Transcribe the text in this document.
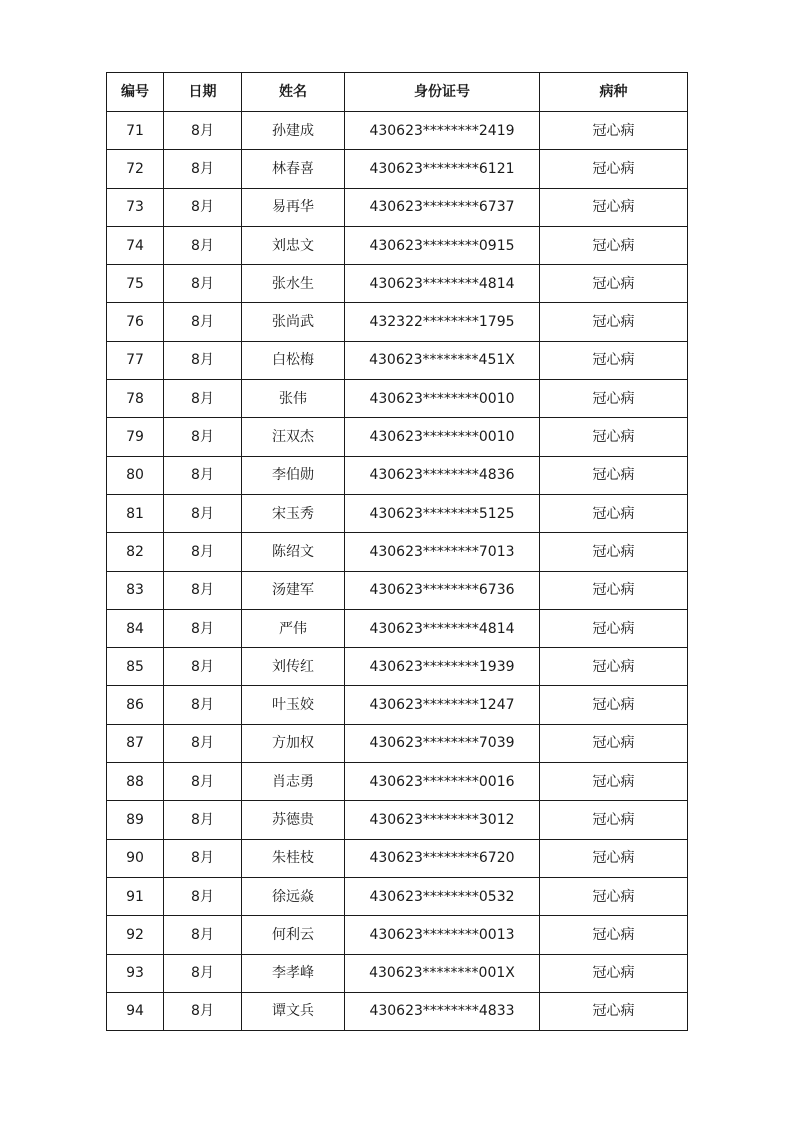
编号	日期	姓名	身份证号	病种
71	8月	孙建成	430623********2419	冠心病
72	8月	林春喜	430623********6121	冠心病
73	8月	易再华	430623********6737	冠心病
74	8月	刘忠文	430623********0915	冠心病
75	8月	张水生	430623********4814	冠心病
76	8月	张尚武	432322********1795	冠心病
77	8月	白松梅	430623********451X	冠心病
78	8月	张伟	430623********0010	冠心病
79	8月	汪双杰	430623********0010	冠心病
80	8月	李伯勋	430623********4836	冠心病
81	8月	宋玉秀	430623********5125	冠心病
82	8月	陈绍文	430623********7013	冠心病
83	8月	汤建军	430623********6736	冠心病
84	8月	严伟	430623********4814	冠心病
85	8月	刘传红	430623********1939	冠心病
86	8月	叶玉姣	430623********1247	冠心病
87	8月	方加权	430623********7039	冠心病
88	8月	肖志勇	430623********0016	冠心病
89	8月	苏德贵	430623********3012	冠心病
90	8月	朱桂枝	430623********6720	冠心病
91	8月	徐远焱	430623********0532	冠心病
92	8月	何利云	430623********0013	冠心病
93	8月	李孝峰	430623********001X	冠心病
94	8月	谭文兵	430623********4833	冠心病
